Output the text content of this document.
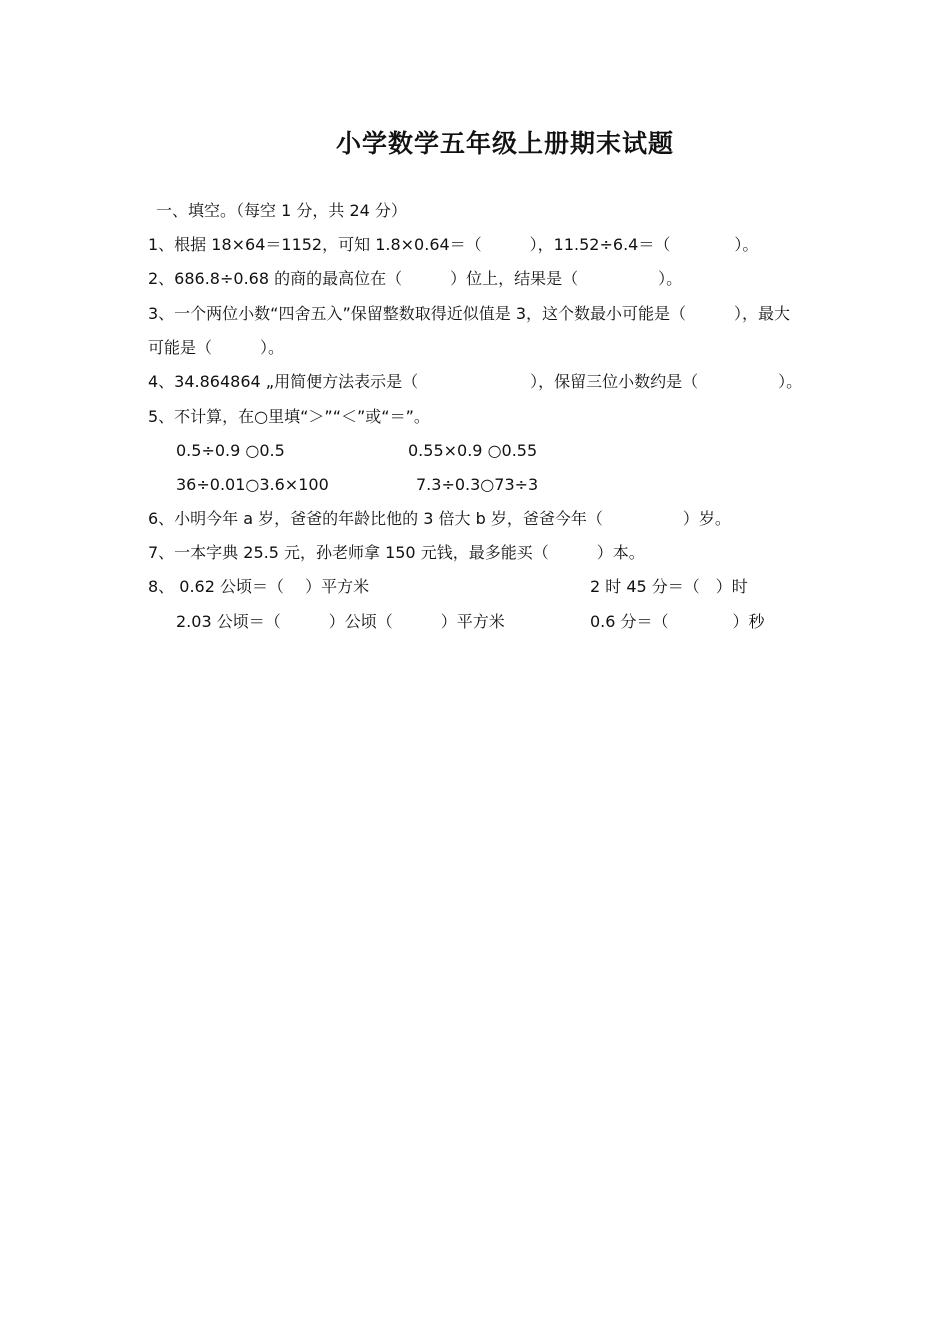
小学数学五年级上册期末试题
一、填空。（每空 1 分，共 24 分）
1、根据 18×64＝1152，可知 1.8×0.64＝（　　　），11.52÷6.4＝（　　　　）。
2、686.8÷0.68 的商的最高位在（　　　）位上，结果是（　　　　　）。
3、一个两位小数“四舍五入”保留整数取得近似值是 3，这个数最小可能是（　　　），最大
可能是（　　　）。
4、34.864864 „用简便方法表示是（　　　　　　　），保留三位小数约是（　　　　　）。
5、不计算，在○里填“＞”“＜”或“＝”。
0.5÷0.9 ○0.5	0.55×0.9 ○0.55
36÷0.01○3.6×100	7.3÷0.3○73÷3
6、小明今年 a 岁，爸爸的年龄比他的 3 倍大 b 岁，爸爸今年（　　　　　）岁。
7、一本字典 25.5 元，孙老师拿 150 元钱，最多能买（　　　）本。
8、 0.62 公顷＝（　 ）平方米	2 时 45 分＝（　）时
2.03 公顷＝（　　　）公顷（　　　）平方米	0.6 分＝（　　　　）秒
